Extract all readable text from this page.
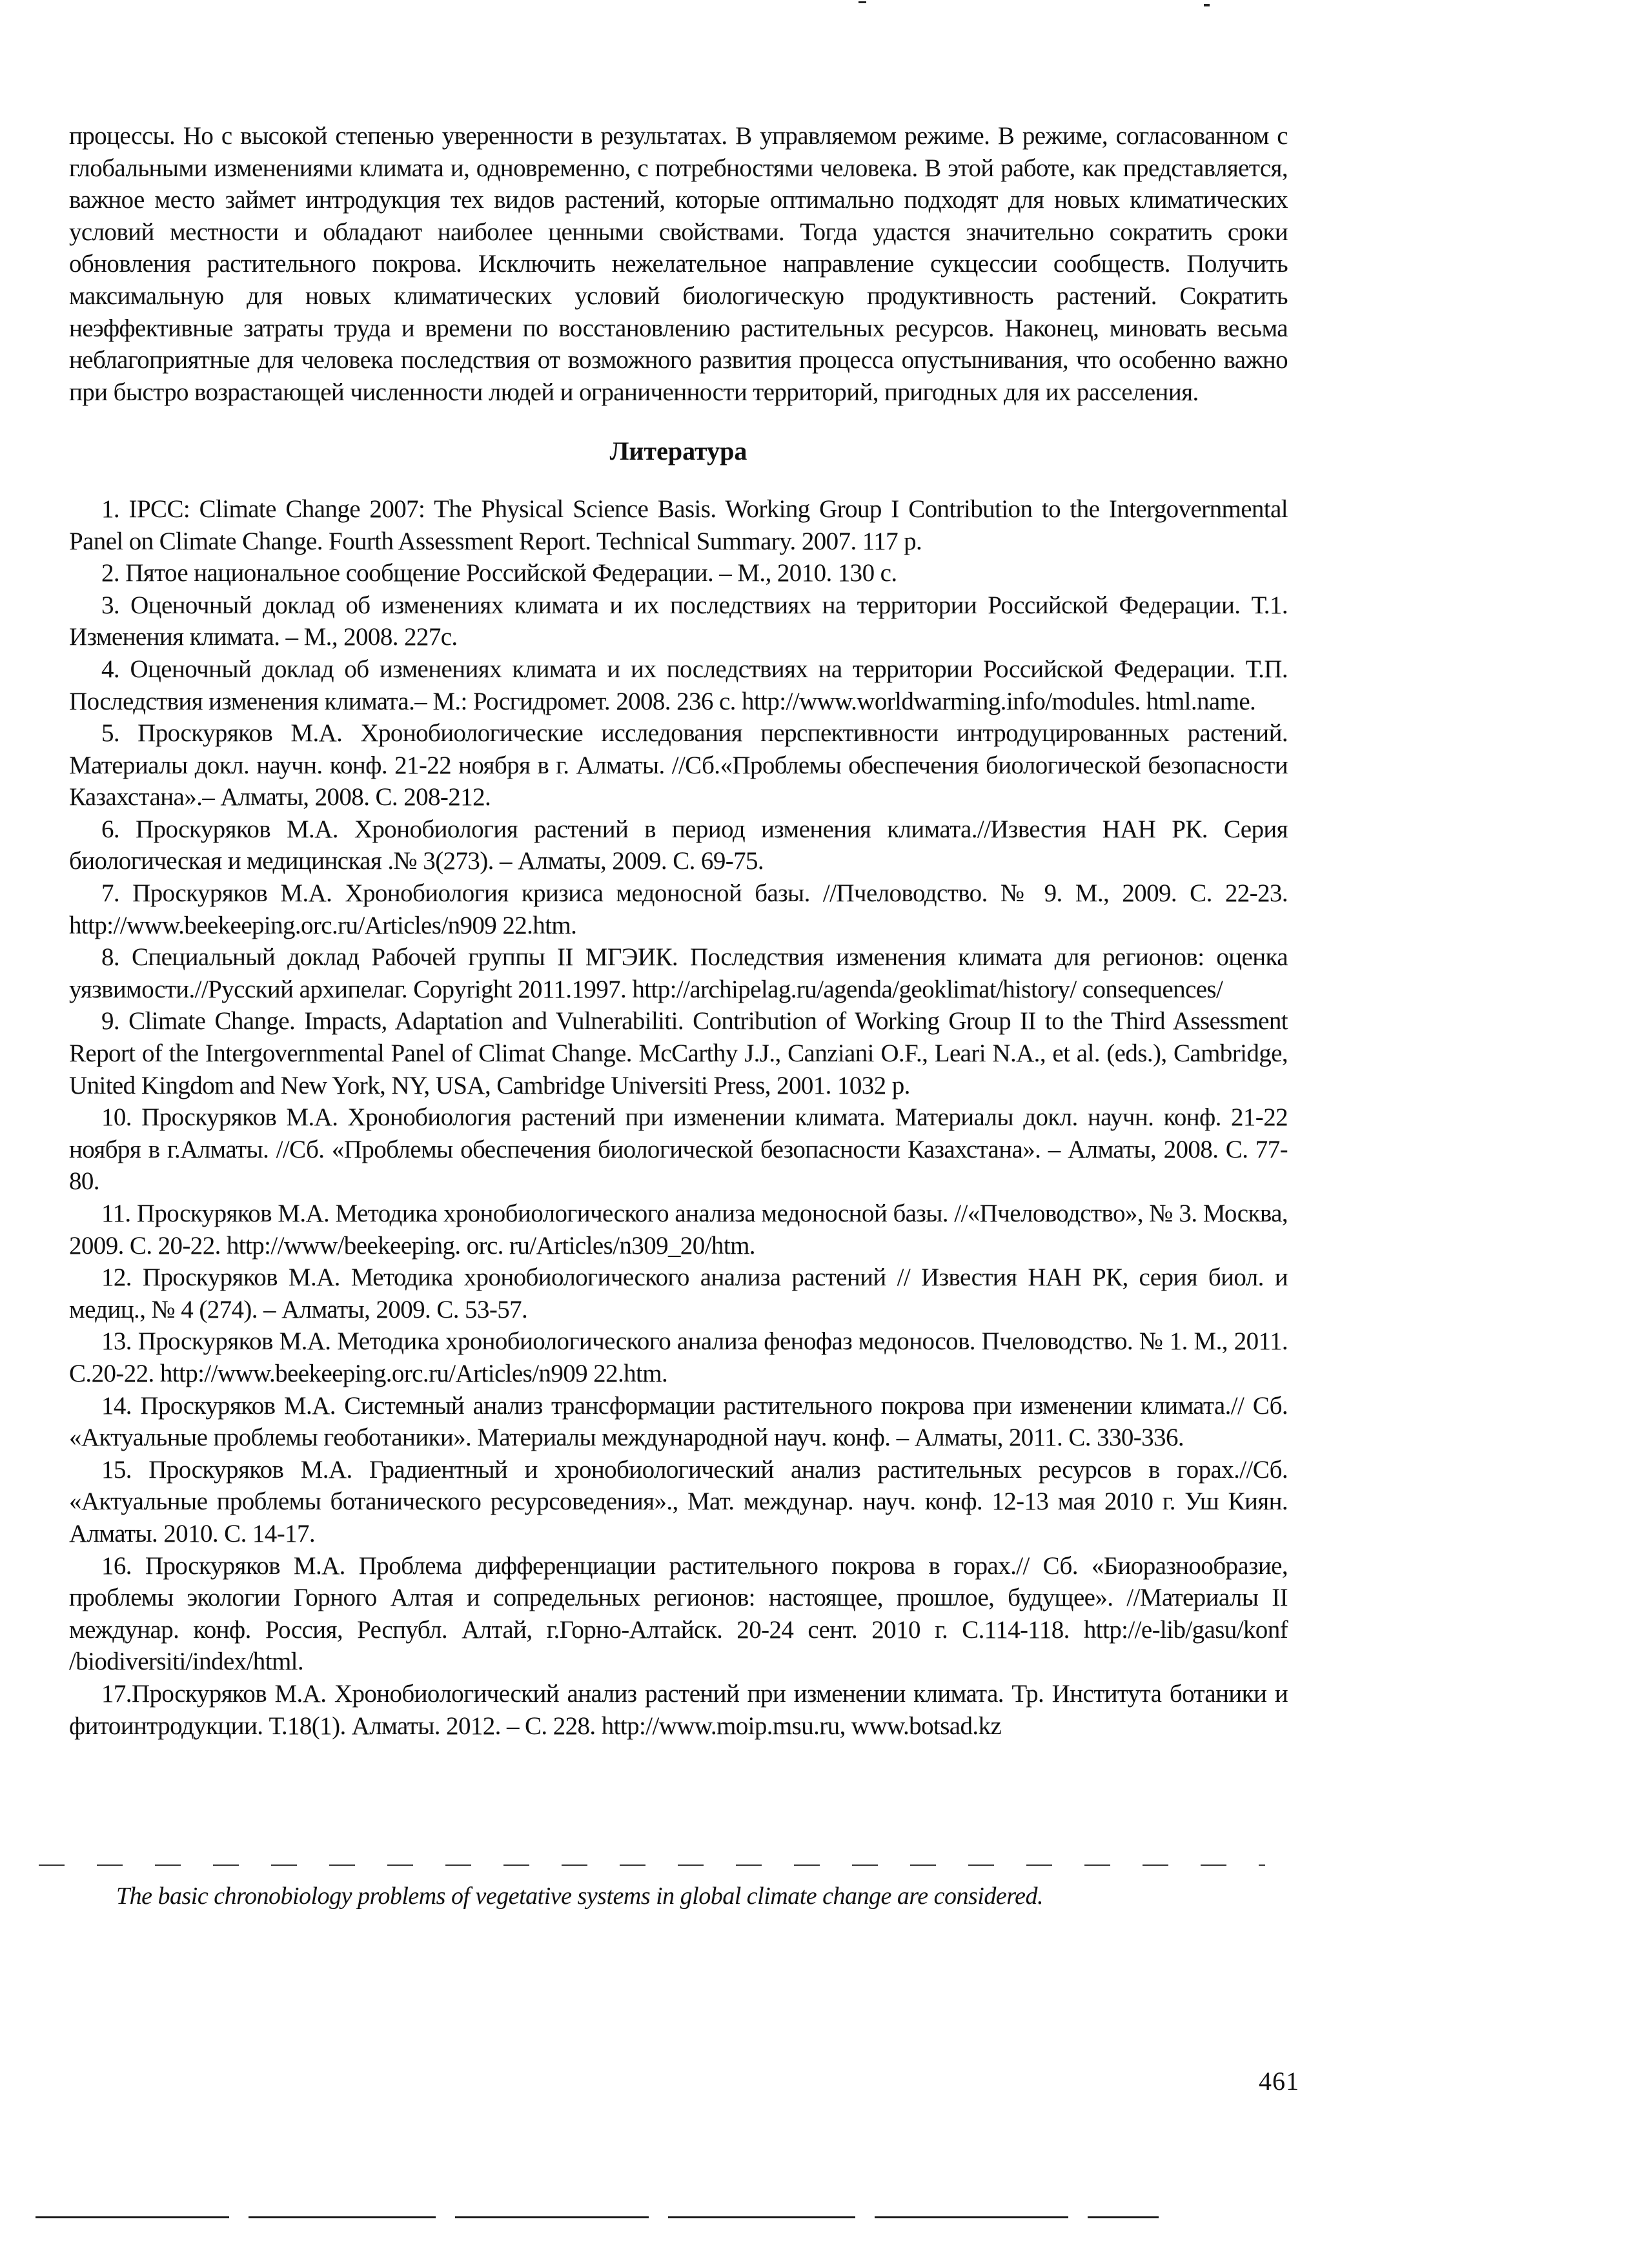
процессы. Но с высокой степенью уверенности в результатах. В управляемом режиме. В режиме, согласованном с глобальными изменениями климата и, одновременно, с потребностями человека. В этой работе, как представляется, важное место займет интродукция тех видов растений, которые оптимально подходят для новых климатических условий местности и обладают наиболее ценными свойствами. Тогда удастся значительно сократить сроки обновления растительного покрова. Исключить нежелательное направление сукцессии сообществ. Получить максимальную для новых климатических условий биологическую продуктивность растений. Сократить неэффективные затраты труда и времени по восстановлению растительных ресурсов. Наконец, миновать весьма неблагоприятные для человека последствия от возможного развития процесса опустынивания, что особенно важно при быстро возрастающей численности людей и ограниченности территорий, пригодных для их расселения.

Литература
1. IPCC: Climate Change 2007: The Physical Science Basis. Working Group I Contribution to the Intergovernmental Panel on Climate Change. Fourth Assessment Report. Technical Summary. 2007. 117 p.
2. Пятое национальное сообщение Российской Федерации. – М., 2010. 130 с.
3. Оценочный доклад об изменениях климата и их последствиях на территории Российской Федерации. Т.1. Изменения климата. – М., 2008. 227с.
4. Оценочный доклад об изменениях климата и их последствиях на территории Российской Федерации. Т.П. Последствия изменения климата.– М.: Росгидромет. 2008. 236 с. http://www.worldwarming.info/modules. html.name.
5. Проскуряков М.А. Хронобиологические исследования перспективности интродуцированных растений. Материалы докл. научн. конф. 21-22 ноября в г. Алматы. //Сб.«Проблемы обеспечения биологической безопасности Казахстана».– Алматы, 2008. С. 208-212.
6. Проскуряков М.А. Хронобиология растений в период изменения климата.//Известия НАН РК. Серия биологическая и медицинская .№ 3(273). – Алматы, 2009. С. 69-75.
7. Проскуряков М.А. Хронобиология кризиса медоносной базы. //Пчеловодство. № 9. М., 2009. С. 22-23. http://www.beekeeping.orc.ru/Articles/n909 22.htm.
8. Специальный доклад Рабочей группы II МГЭИК. Последствия изменения климата для регионов: оценка уязвимости.//Русский архипелаг. Copyright 2011.1997. http://archipelag.ru/agenda/geoklimat/history/ consequences/
9. Climate Change. Impacts, Adaptation and Vulnerabiliti. Contribution of Working Group II to the Third Assessment Report of the Intergovernmental Panel of Climat Change. McCarthy J.J., Canziani O.F., Leari N.A., et al. (eds.), Cambridge, United Kingdom and New York, NY, USA, Cambridge Universiti Press, 2001. 1032 p.
10. Проскуряков М.А. Хронобиология растений при изменении климата. Материалы докл. научн. конф. 21-22 ноября в г.Алматы. //Сб. «Проблемы обеспечения биологической безопасности Казахстана». – Алматы, 2008. С. 77-80.
11. Проскуряков М.А. Методика хронобиологического анализа медоносной базы. //«Пчеловодство», № 3. Москва, 2009. С. 20-22. http://www/beekeeping. orc. ru/Articles/n309_20/htm.
12. Проскуряков М.А. Методика хронобиологического анализа растений // Известия НАН РК, серия биол. и медиц., № 4 (274). – Алматы, 2009. С. 53-57.
13. Проскуряков М.А. Методика хронобиологического анализа фенофаз медоносов. Пчеловодство. № 1. М., 2011. С.20-22. http://www.beekeeping.orc.ru/Articles/n909 22.htm.
14. Проскуряков М.А. Системный анализ трансформации растительного покрова при изменении климата.// Сб. «Актуальные проблемы геоботаники». Материалы международной науч. конф. – Алматы, 2011. С. 330-336.
15. Проскуряков М.А. Градиентный и хронобиологический анализ растительных ресурсов в горах.//Сб. «Актуальные проблемы ботанического ресурсоведения»., Мат. междунар. науч. конф. 12-13 мая 2010 г. Уш Киян. Алматы. 2010. С. 14-17.
16. Проскуряков М.А. Проблема дифференциации растительного покрова в горах.// Сб. «Биоразнообразие, проблемы экологии Горного Алтая и сопредельных регионов: настоящее, прошлое, будущее». //Материалы II междунар. конф. Россия, Республ. Алтай, г.Горно-Алтайск. 20-24 сент. 2010 г. С.114-118. http://e-lib/gasu/konf /biodiversiti/index/html.
17.Проскуряков М.А. Хронобиологический анализ растений при изменении климата. Тр. Института ботаники и фитоинтродукции. Т.18(1). Алматы. 2012. – С. 228. http://www.moip.msu.ru, www.botsad.kz
The basic chronobiology problems of vegetative systems in global climate change are considered.
461
